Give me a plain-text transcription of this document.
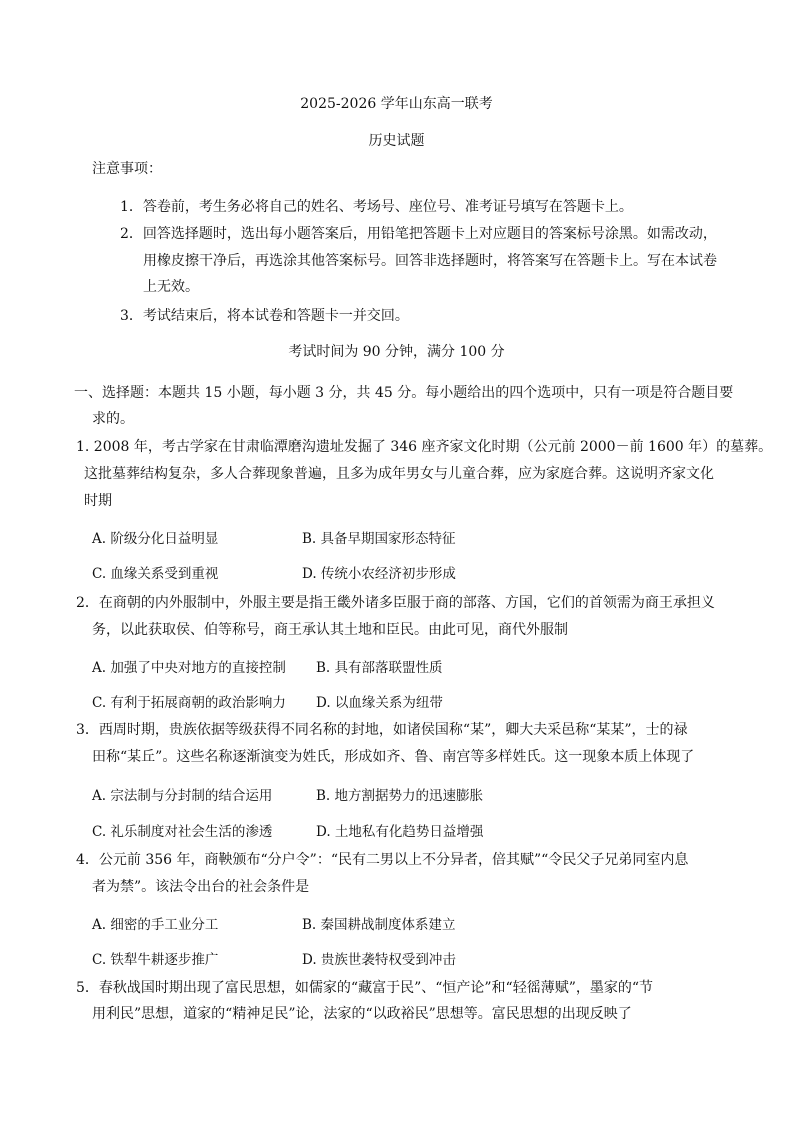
2025-2026 学年山东高一联考
历史试题
注意事项：
1．答卷前，考生务必将自己的姓名、考场号、座位号、准考证号填写在答题卡上。
2．回答选择题时，选出每小题答案后，用铅笔把答题卡上对应题目的答案标号涂黑。如需改动，
用橡皮擦干净后，再选涂其他答案标号。回答非选择题时，将答案写在答题卡上。写在本试卷
上无效。
3．考试结束后，将本试卷和答题卡一并交回。
考试时间为 90 分钟，满分 100 分
一、选择题：本题共 15 小题，每小题 3 分，共 45 分。每小题给出的四个选项中，只有一项是符合题目要
求的。
1. 2008 年，考古学家在甘肃临潭磨沟遗址发掘了 346 座齐家文化时期（公元前 2000－前 1600 年）的墓葬。
这批墓葬结构复杂，多人合葬现象普遍，且多为成年男女与儿童合葬，应为家庭合葬。这说明齐家文化
时期
A. 阶级分化日益明显	B. 具备早期国家形态特征
C. 血缘关系受到重视	D. 传统小农经济初步形成
2．在商朝的内外服制中，外服主要是指王畿外诸多臣服于商的部落、方国，它们的首领需为商王承担义
务，以此获取侯、伯等称号，商王承认其土地和臣民。由此可见，商代外服制
A. 加强了中央对地方的直接控制 B. 具有部落联盟性质
C. 有利于拓展商朝的政治影响力 D. 以血缘关系为纽带
3．西周时期，贵族依据等级获得不同名称的封地，如诸侯国称“某”，卿大夫采邑称“某某”，士的禄
田称“某丘”。这些名称逐渐演变为姓氏，形成如齐、鲁、南宫等多样姓氏。这一现象本质上体现了
A. 宗法制与分封制的结合运用	B. 地方割据势力的迅速膨胀
C. 礼乐制度对社会生活的渗透	D. 土地私有化趋势日益增强
4．公元前 356 年，商鞅颁布“分户令”：“民有二男以上不分异者，倍其赋”“令民父子兄弟同室内息
者为禁”。该法令出台的社会条件是
A. 细密的手工业分工	B. 秦国耕战制度体系建立
C. 铁犁牛耕逐步推广	D. 贵族世袭特权受到冲击
5．春秋战国时期出现了富民思想，如儒家的“藏富于民”、“恒产论”和“轻徭薄赋”，墨家的“节
用利民”思想，道家的“精神足民”论，法家的“以政裕民”思想等。富民思想的出现反映了
